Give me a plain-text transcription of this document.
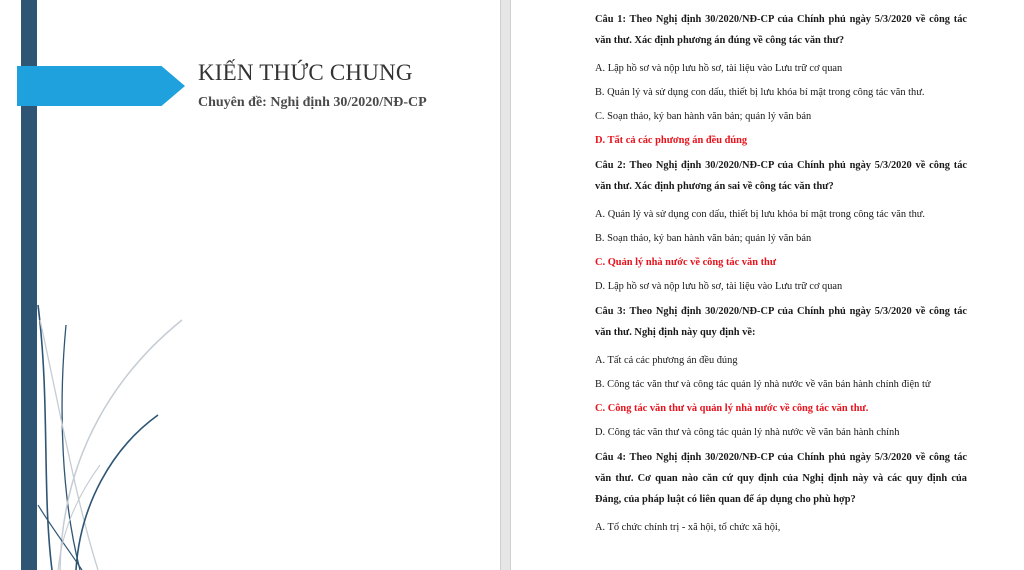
KIẾN THỨC CHUNG
Chuyên đề: Nghị định 30/2020/NĐ-CP

Câu 1: Theo Nghị định 30/2020/NĐ-CP của Chính phủ ngày 5/3/2020 về công tác văn thư. Xác định phương án đúng về công tác văn thư?

A. Lập hồ sơ và nộp lưu hồ sơ, tài liệu vào Lưu trữ cơ quan

B. Quản lý và sử dụng con dấu, thiết bị lưu khóa bí mật trong công tác văn thư.

C. Soạn thảo, ký ban hành văn bản; quản lý văn bản

D. Tất cả các phương án đều đúng

Câu 2: Theo Nghị định 30/2020/NĐ-CP của Chính phủ ngày 5/3/2020 về công tác văn thư. Xác định phương án sai về công tác văn thư?

A. Quản lý và sử dụng con dấu, thiết bị lưu khóa bí mật trong công tác văn thư.

B. Soạn thảo, ký ban hành văn bản; quản lý văn bản

C. Quản lý nhà nước về công tác văn thư

D. Lập hồ sơ và nộp lưu hồ sơ, tài liệu vào Lưu trữ cơ quan

Câu 3: Theo Nghị định 30/2020/NĐ-CP của Chính phủ ngày 5/3/2020 về công tác văn thư. Nghị định này quy định về:

A. Tất cả các phương án đều đúng

B. Công tác văn thư và công tác quản lý nhà nước về văn bản hành chính điện tử

C. Công tác văn thư và quản lý nhà nước về công tác văn thư.

D. Công tác văn thư và công tác quản lý nhà nước về văn bản hành chính

Câu 4: Theo Nghị định 30/2020/NĐ-CP của Chính phủ ngày 5/3/2020 về công tác văn thư. Cơ quan nào căn cứ quy định của Nghị định này và các quy định của Đảng, của pháp luật có liên quan để áp dụng cho phù hợp?

A. Tổ chức chính trị - xã hội, tổ chức xã hội,
